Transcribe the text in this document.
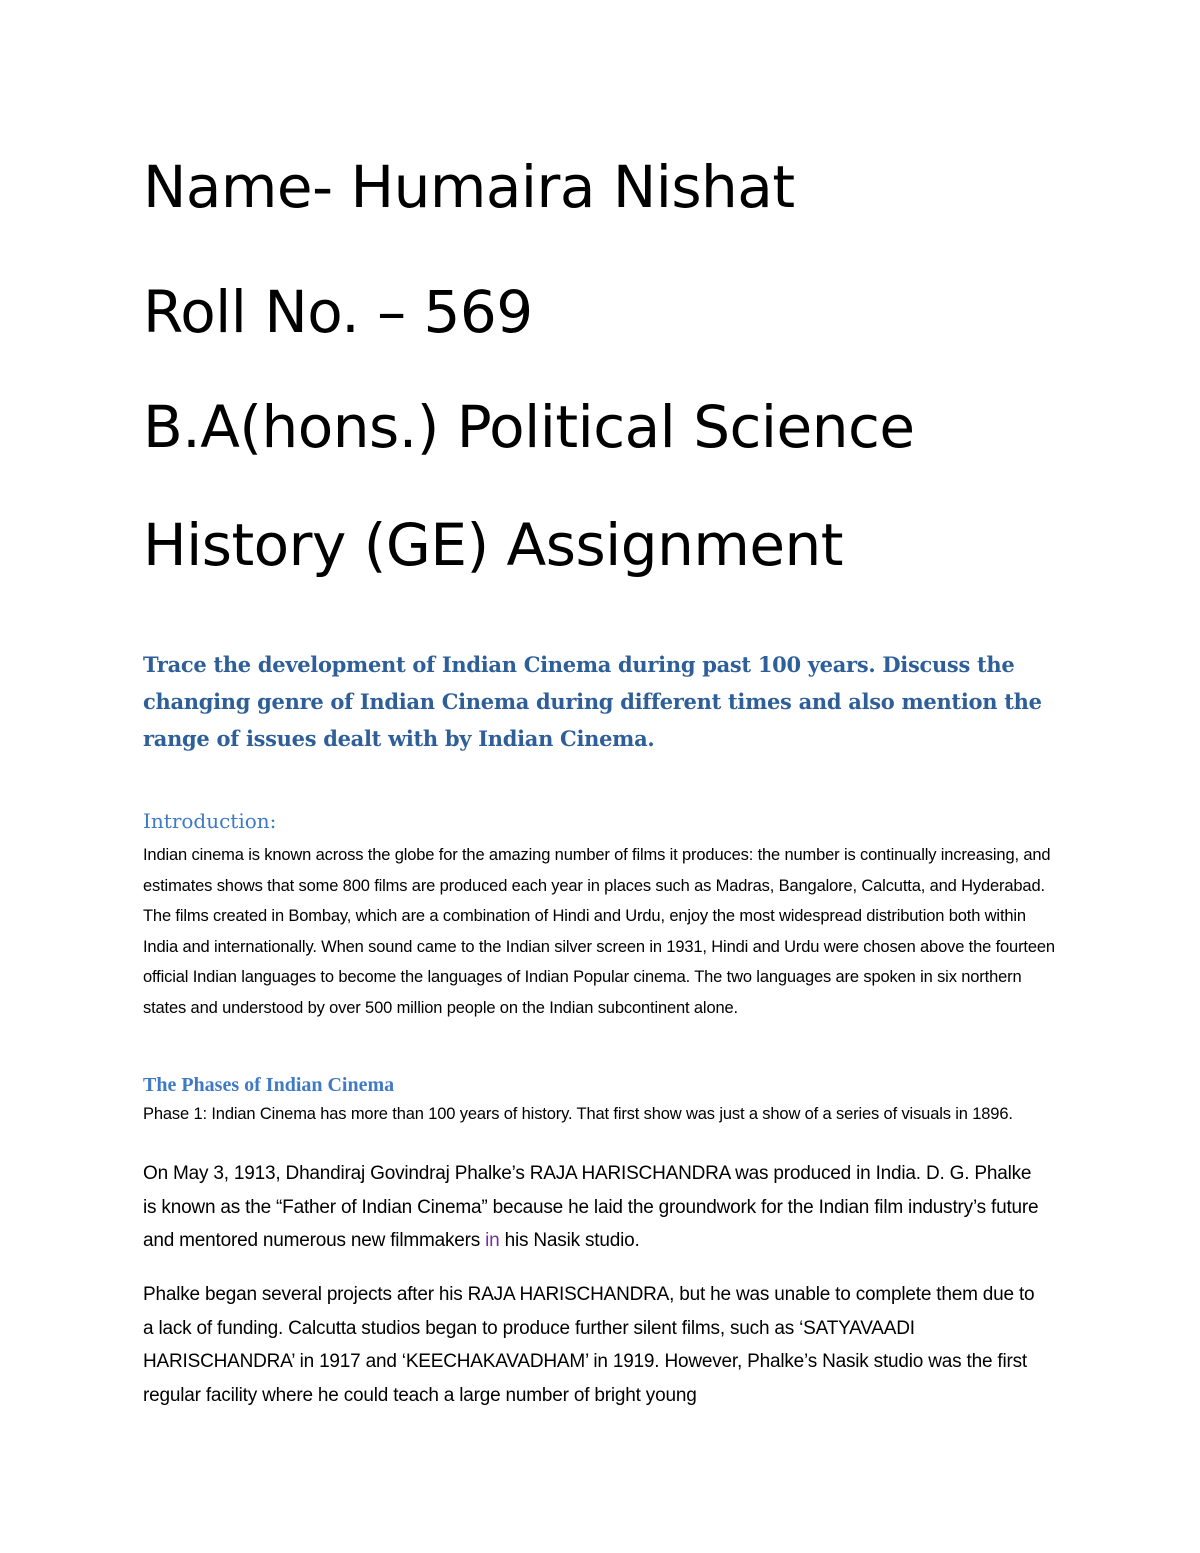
Name- Humaira Nishat
Roll No. – 569
B.A(hons.) Political Science
History (GE) Assignment

Trace the development of Indian Cinema during past 100 years. Discuss the changing genre of Indian Cinema during different times and also mention the range of issues dealt with by Indian Cinema.

Introduction:

Indian cinema is known across the globe for the amazing number of films it produces: the number is continually increasing, and estimates shows that some 800 films are produced each year in places such as Madras, Bangalore, Calcutta, and Hyderabad. The films created in Bombay, which are a combination of Hindi and Urdu, enjoy the most widespread distribution both within India and internationally. When sound came to the Indian silver screen in 1931, Hindi and Urdu were chosen above the fourteen official Indian languages to become the languages of Indian Popular cinema. The two languages are spoken in six northern states and understood by over 500 million people on the Indian subcontinent alone.

The Phases of Indian Cinema

Phase 1: Indian Cinema has more than 100 years of history. That first show was just a show of a series of visuals in 1896.

On May 3, 1913, Dhandiraj Govindraj Phalke’s RAJA HARISCHANDRA was produced in India. D. G. Phalke is known as the “Father of Indian Cinema” because he laid the groundwork for the Indian film industry’s future and mentored numerous new filmmakers in his Nasik studio.

Phalke began several projects after his RAJA HARISCHANDRA, but he was unable to complete them due to a lack of funding. Calcutta studios began to produce further silent films, such as ‘SATYAVAADI HARISCHANDRA’ in 1917 and ‘KEECHAKAVADHAM’ in 1919. However, Phalke’s Nasik studio was the first regular facility where he could teach a large number of bright young
